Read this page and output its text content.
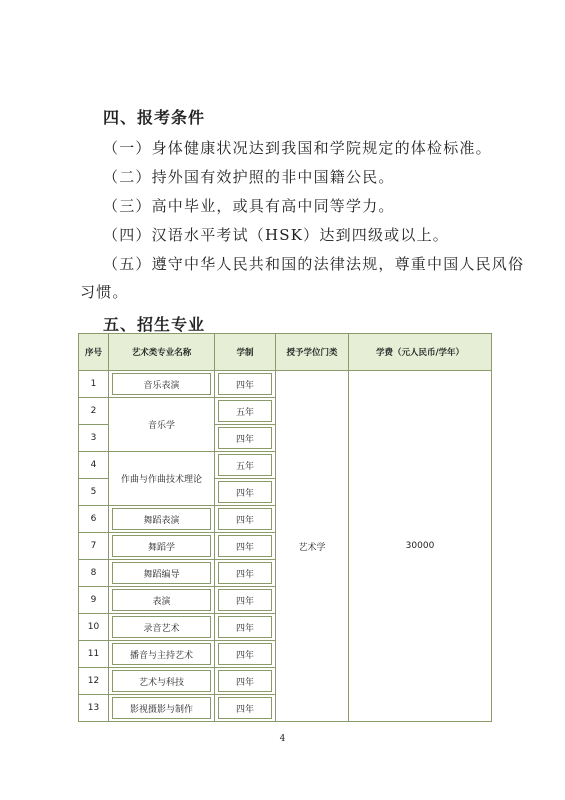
四、报考条件
（一）身体健康状况达到我国和学院规定的体检标准。
（二）持外国有效护照的非中国籍公民。
（三）高中毕业，或具有高中同等学力。
（四）汉语水平考试（HSK）达到四级或以上。
（五）遵守中华人民共和国的法律法规，尊重中国人民风俗
习惯。
五、招生专业
序号	艺术类专业名称	学制	授予学位门类	学费（元人民币/学年）
1	音乐表演	四年	艺术学	30000
2	音乐学	五年		

3		四年		

4	作曲与作曲技术理论	五年		

5		四年		

6	舞蹈表演	四年		

7	舞蹈学	四年		

8	舞蹈编导	四年		

9	表演	四年		

10	录音艺术	四年		

11	播音与主持艺术	四年		

12	艺术与科技	四年		

13	影视摄影与制作	四年		
4
